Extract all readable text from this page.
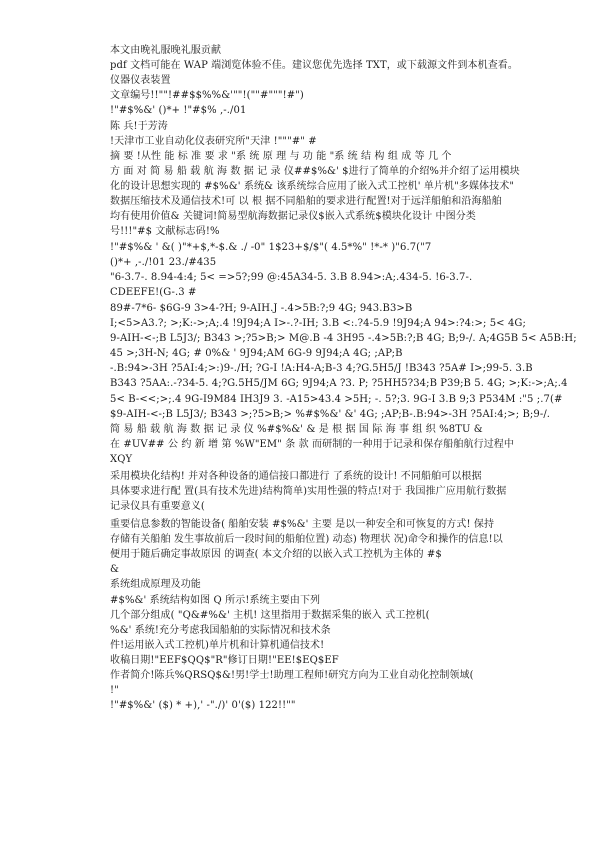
本文由晚礼服晚礼服贡献
pdf 文档可能在 WAP 端浏览体验不佳。建议您优先选择 TXT，或下载源文件到本机查看。
仪器仪表装置
文章编号!!""!##$$%%&'""!(""#"""!#")
!"#$%&' ()*+ !"#$% ,-./01
陈 兵!于芳涛
!天津市工业自动化仪表研究所"天津 !"""#" #
摘 要 !从性 能 标 准 要 求 "系 统 原 理 与 功 能 "系 统 结 构 组 成 等 几 个
方 面 对 简 易 船 载 航 海 数 据 记 录 仪##$%&' $进行了简单的介绍%并介绍了运用模块
化的设计思想实现的 #$%&' 系统& 该系统综合应用了嵌入式工控机' 单片机"多媒体技术"
数据压缩技术及通信技术!可 以 根 据不同船舶的要求进行配置!对于远洋船舶和沿海船舶
均有使用价值& 关键词!简易型航海数据记录仪$嵌入式系统$模块化设计 中图分类
号!!!"#$ 文献标志码!%
!"#$%& ' &( )"*+$,*-$.& ./ -0" 1$23+$/$"( 4.5*%" !*-* )"6.7("7
()*+ ,-./!01 23./#435
"6-3.7-. 8.94-4:4; 5< =>5?;99 @:45A34-5. 3.B 8.94>:A;.434-5. !6-3.7-.
CDEEFE!(G-.3 #
89#-7*6- $6G-9 3>4-?H; 9-AIH.J -.4>5B:?;9 4G; 943.B3>B
I;<5>A3.?; >;K:->;A;.4 !9J94;A I>-.?-IH; 3.B <:.?4-5.9 !9J94;A 94>:?4:>; 5< 4G;
9-AIH-<-;B L5J3/; B343 >;?5>B;> M@.B -4 3H95 -.4>5B:?;B 4G; B;9-/. A;4G5B 5< A5B:H;
45 >;3H-N; 4G; # 0%& ' 9J94;AM 6G-9 9J94;A 4G; ;AP;B
-.B:94>-3H ?5AI:4;>:)9-./H; ?G-I !A:H4-A;B-3 4;?G.5H5/J !B343 ?5A# I>;99-5. 3.B
B343 ?5AA:.-?34-5. 4;?G.5H5/JM 6G; 9J94;A ?3. P; ?5HH5?34;B P39;B 5. 4G; >;K:->;A;.4
5< B-<<;>;.4 9G-I9M84 IH3J9 3. -A15>43.4 >5H; -. 5?;3. 9G-I 3.B 9;3 P534M :"5 ;.7(#
$9-AIH-<-;B L5J3/; B343 >;?5>B;> %#$%&' &' 4G; ;AP;B-.B:94>-3H ?5AI:4;>; B;9-/.
简 易 船 载 航 海 数 据 记 录 仪 %#$%&' & 是 根 据 国 际 海 事 组 织 %8TU &
在 #UV## 公 约 新 增 第 %W"EM" 条 款 而研制的一种用于记录和保存船舶航行过程中
XQY
采用模块化结构! 并对各种设备的通信接口都进行 了系统的设计! 不同船舶可以根据
具体要求进行配 置(具有技术先进)结构简单)实用性强的特点!对于 我国推广应用航行数据
记录仪具有重要意义(
重要信息参数的智能设备( 船舶安装 #$%&' 主要 是以一种安全和可恢复的方式! 保持
存储有关船舶 发生事故前后一段时间的船舶位置) 动态) 物理状 况)命令和操作的信息!以
便用于随后确定事故原因 的调查( 本文介绍的以嵌入式工控机为主体的 #$
&
系统组成原理及功能
#$%&' 系统结构如图 Q 所示!系统主要由下列
几个部分组成( "Q&#%&' 主机! 这里指用于数据采集的嵌入 式工控机(
%&' 系统!充分考虑我国船舶的实际情况和技术条
件!运用嵌入式工控机)单片机和计算机通信技术!
收稿日期!"EEF$QQ$"R"修订日期!"EE!$EQ$EF
作者简介!陈兵%QRSQ$&!男!学士!助理工程师!研究方向为工业自动化控制领域(
!"
!"#$%&' ($) * +),' -"./)' 0'($) 122!!""
